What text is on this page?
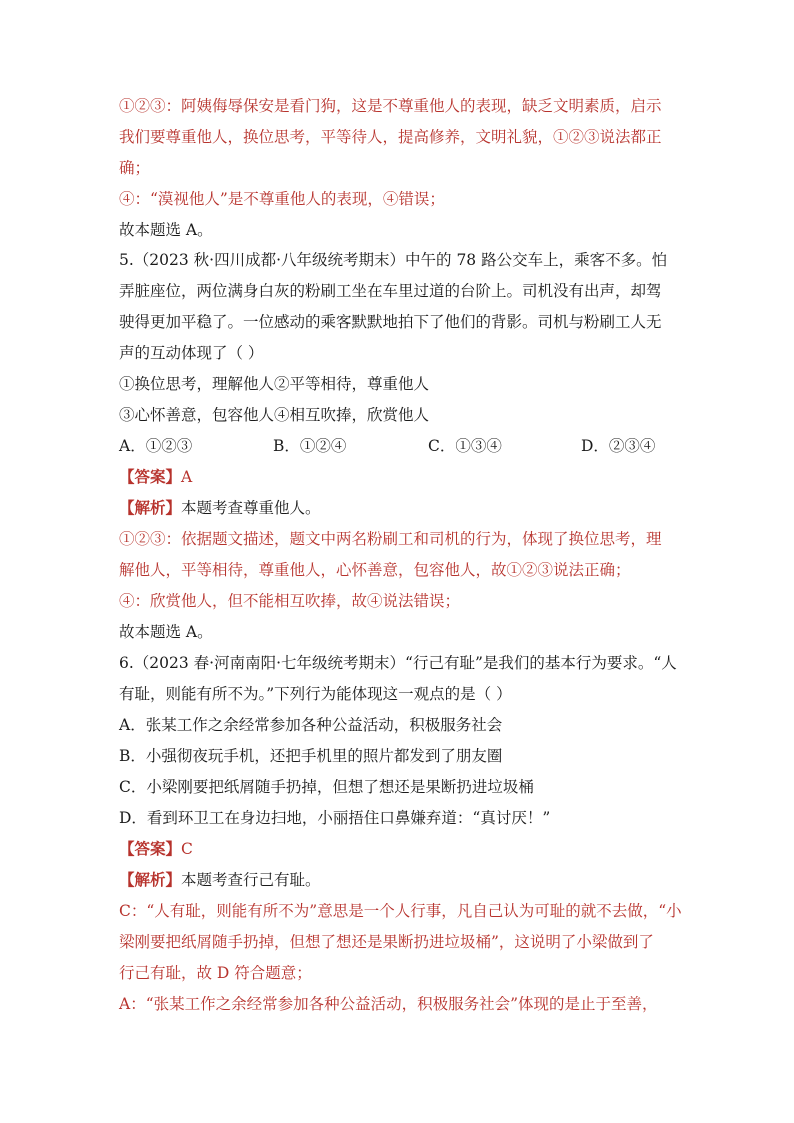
①②③：阿姨侮辱保安是看门狗，这是不尊重他人的表现，缺乏文明素质，启示
我们要尊重他人，换位思考，平等待人，提高修养，文明礼貌，①②③说法都正
确；
④：“漠视他人”是不尊重他人的表现，④错误；
故本题选 A。
5.（2023 秋·四川成都·八年级统考期末）中午的 78 路公交车上，乘客不多。怕
弄脏座位，两位满身白灰的粉刷工坐在车里过道的台阶上。司机没有出声，却驾
驶得更加平稳了。一位感动的乘客默默地拍下了他们的背影。司机与粉刷工人无
声的互动体现了（ ）
①换位思考，理解他人②平等相待，尊重他人
③心怀善意，包容他人④相互吹捧，欣赏他人
A．①②③	B．①②④	C．①③④	D．②③④
【答案】A
【解析】本题考查尊重他人。
①②③：依据题文描述，题文中两名粉刷工和司机的行为，体现了换位思考，理
解他人，平等相待，尊重他人，心怀善意，包容他人，故①②③说法正确；
④：欣赏他人，但不能相互吹捧，故④说法错误；
故本题选 A。
6.（2023 春·河南南阳·七年级统考期末）“行己有耻”是我们的基本行为要求。“人
有耻，则能有所不为。”下列行为能体现这一观点的是（ ）
A．张某工作之余经常参加各种公益活动，积极服务社会
B．小强彻夜玩手机，还把手机里的照片都发到了朋友圈
C．小梁刚要把纸屑随手扔掉，但想了想还是果断扔进垃圾桶
D．看到环卫工在身边扫地，小丽捂住口鼻嫌弃道：“真讨厌！”
【答案】C
【解析】本题考查行己有耻。
C：“人有耻，则能有所不为”意思是一个人行事，凡自己认为可耻的就不去做，“小
梁刚要把纸屑随手扔掉，但想了想还是果断扔进垃圾桶”，这说明了小梁做到了
行己有耻，故 D 符合题意；
A：“张某工作之余经常参加各种公益活动，积极服务社会”体现的是止于至善，
